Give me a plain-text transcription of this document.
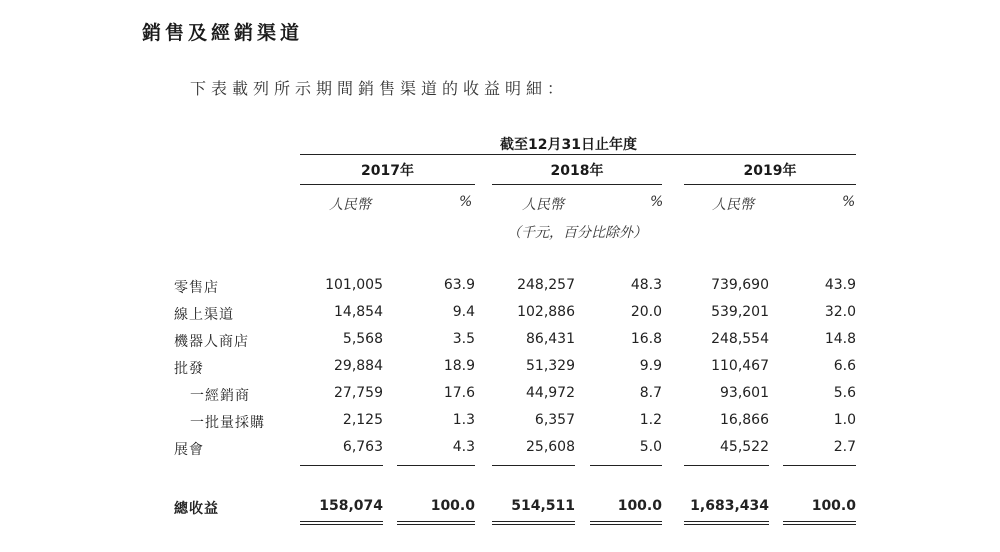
銷售及經銷渠道
下表載列所示期間銷售渠道的收益明細：
截至12月31日止年度
2017年	2018年	2019年
人民幣	%	人民幣	%	人民幣	%
（千元，百分比除外）
零售店	101,005	63.9	248,257	48.3	739,690	43.9
線上渠道	14,854	9.4	102,886	20.0	539,201	32.0
機器人商店	5,568	3.5	86,431	16.8	248,554	14.8
批發	29,884	18.9	51,329	9.9	110,467	6.6
一經銷商	27,759	17.6	44,972	8.7	93,601	5.6
一批量採購	2,125	1.3	6,357	1.2	16,866	1.0
展會	6,763	4.3	25,608	5.0	45,522	2.7
總收益	158,074	100.0	514,511	100.0 1,683,434	100.0
